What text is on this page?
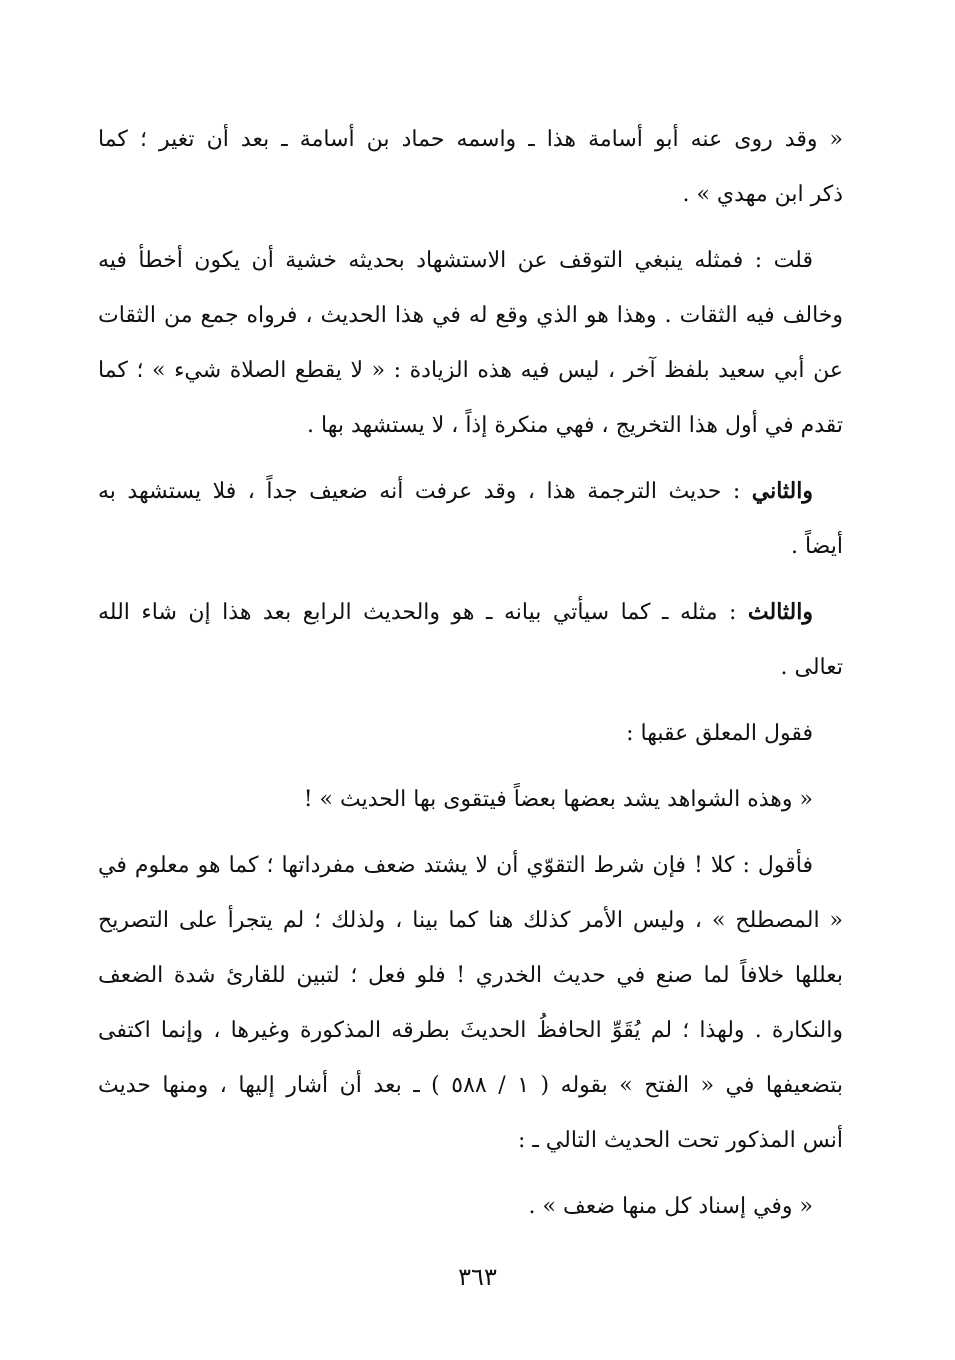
« وقد روى عنه أبو أسامة هذا ـ واسمه حماد بن أسامة ـ بعد أن تغير ؛ كما
ذكر ابن مهدي » .
قلت : فمثله ينبغي التوقف عن الاستشهاد بحديثه خشية أن يكون أخطأ فيه
وخالف فيه الثقات . وهذا هو الذي وقع له في هذا الحديث ، فرواه جمع من الثقات
عن أبي سعيد بلفظ آخر ، ليس فيه هذه الزيادة : « لا يقطع الصلاة شيء » ؛ كما
تقدم في أول هذا التخريج ، فهي منكرة إذاً ، لا يستشهد بها .
والثاني : حديث الترجمة هذا ، وقد عرفت أنه ضعيف جداً ، فلا يستشهد به
أيضاً .
والثالث : مثله ـ كما سيأتي بيانه ـ هو والحديث الرابع بعد هذا إن شاء الله
تعالى .
فقول المعلق عقبها :
« وهذه الشواهد يشد بعضها بعضاً فيتقوى بها الحديث » !
فأقول : كلا ! فإن شرط التقوّي أن لا يشتد ضعف مفرداتها ؛ كما هو معلوم في
« المصطلح » ، وليس الأمر كذلك هنا كما بينا ، ولذلك ؛ لم يتجرأ على التصريح
بعللها خلافاً لما صنع في حديث الخدري ! فلو فعل ؛ لتبين للقارئ شدة الضعف
والنكارة . ولهذا ؛ لم يُقَوِّ الحافظُ الحديثَ بطرقه المذكورة وغيرها ، وإنما اكتفى
بتضعيفها في « الفتح » بقوله ( ١ / ٥٨٨ ) ـ بعد أن أشار إليها ، ومنها حديث
أنس المذكور تحت الحديث التالي ـ :
« وفي إسناد كل منها ضعف » .
٣٦٣
